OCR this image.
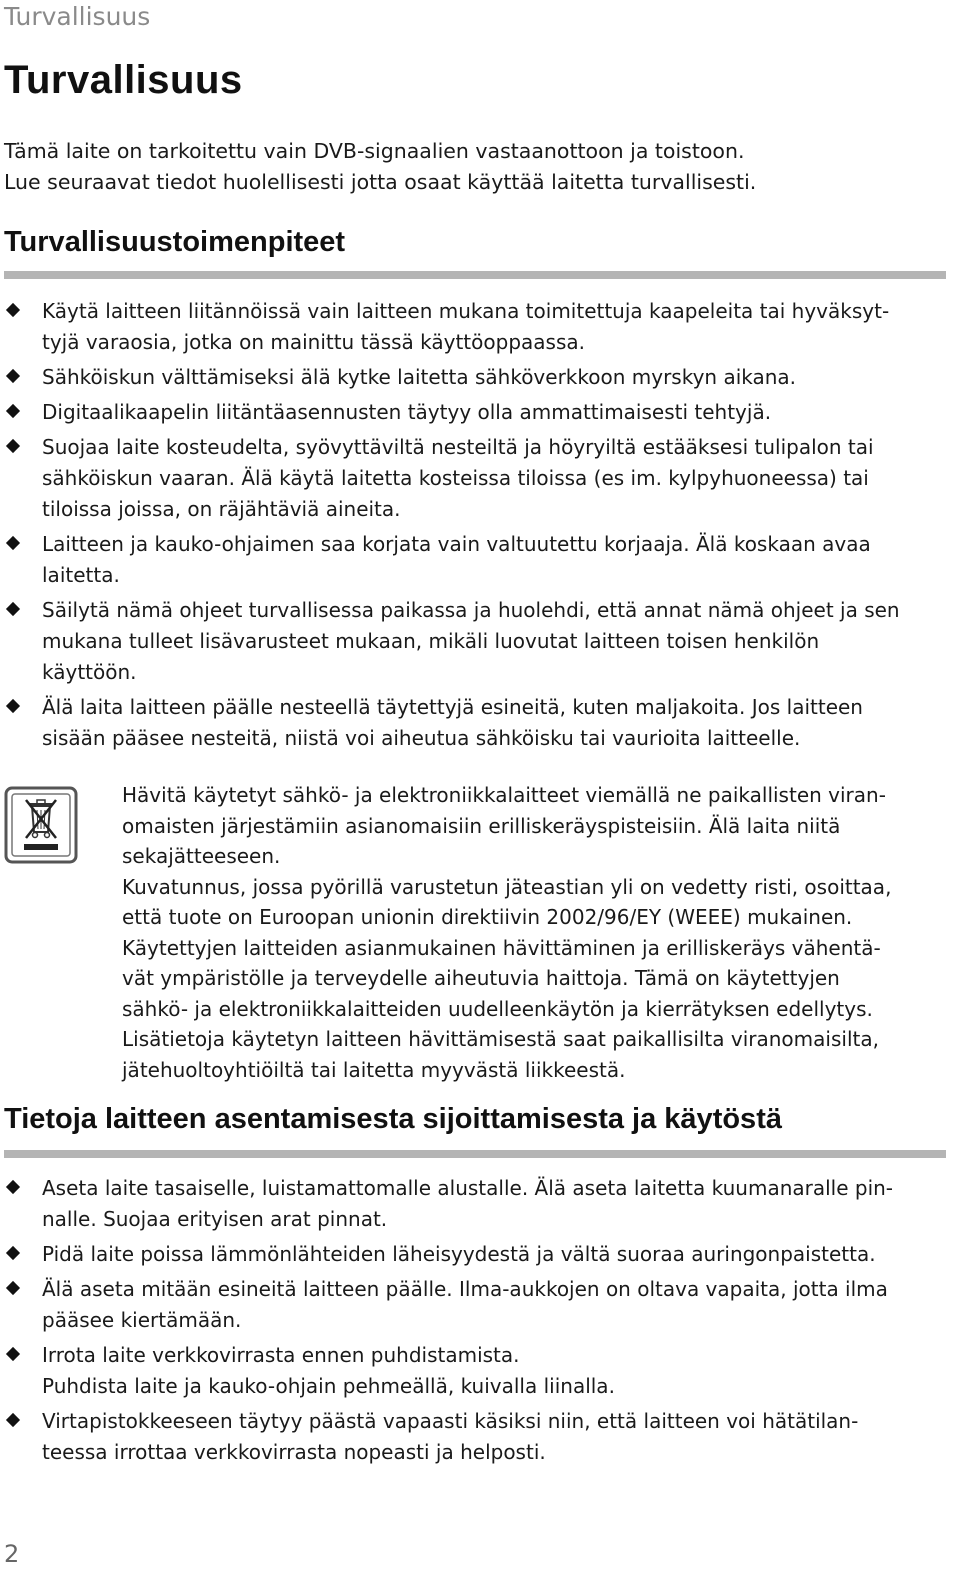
Turvallisuus
Turvallisuus

Tämä laite on tarkoitettu vain DVB-signaalien vastaanottoon ja toistoon.

Lue seuraavat tiedot huolellisesti jotta osaat käyttää laitetta turvallisesti.

Turvallisuustoimenpiteet
Käytä laitteen liitännöissä vain laitteen mukana toimitettuja kaapeleita tai hyväksyt-
tyjä varaosia, jotka on mainittu tässä käyttöoppaassa.
Sähköiskun välttämiseksi älä kytke laitetta sähköverkkoon myrskyn aikana.
Digitaalikaapelin liitäntäasennusten täytyy olla ammattimaisesti tehtyjä.
Suojaa laite kosteudelta, syövyttäviltä nesteiltä ja höyryiltä estääksesi tulipalon tai
sähköiskun vaaran. Älä käytä laitetta kosteissa tiloissa (es im. kylpyhuoneessa) tai
tiloissa joissa, on räjähtäviä aineita.
Laitteen ja kauko-ohjaimen saa korjata vain valtuutettu korjaaja. Älä koskaan avaa
laitetta.
Säilytä nämä ohjeet turvallisessa paikassa ja huolehdi, että annat nämä ohjeet ja sen
mukana tulleet lisävarusteet mukaan, mikäli luovutat laitteen toisen henkilön
käyttöön.
Älä laita laitteen päälle nesteellä täytettyjä esineitä, kuten maljakoita. Jos laitteen
sisään pääsee nesteitä, niistä voi aiheutua sähköisku tai vaurioita laitteelle.
Hävitä käytetyt sähkö- ja elektroniikkalaitteet viemällä ne paikallisten viran-
omaisten järjestämiin asianomaisiin erilliskeräyspisteisiin. Älä laita niitä
sekajätteeseen.
Kuvatunnus, jossa pyörillä varustetun jäteastian yli on vedetty risti, osoittaa,
että tuote on Euroopan unionin direktiivin 2002/96/EY (WEEE) mukainen.
Käytettyjen laitteiden asianmukainen hävittäminen ja erilliskeräys vähentä-
vät ympäristölle ja terveydelle aiheutuvia haittoja. Tämä on käytettyjen
sähkö- ja elektroniikkalaitteiden uudelleenkäytön ja kierrätyksen edellytys.
Lisätietoja käytetyn laitteen hävittämisestä saat paikallisilta viranomaisilta,
jätehuoltoyhtiöiltä tai laitetta myyvästä liikkeestä.
Tietoja laitteen asentamisesta sijoittamisesta ja käytöstä
Aseta laite tasaiselle, luistamattomalle alustalle. Älä aseta laitetta kuumanaralle pin-
nalle. Suojaa erityisen arat pinnat.
Pidä laite poissa lämmönlähteiden läheisyydestä ja vältä suoraa auringonpaistetta.
Älä aseta mitään esineitä laitteen päälle. Ilma-aukkojen on oltava vapaita, jotta ilma
pääsee kiertämään.
Irrota laite verkkovirrasta ennen puhdistamista.
Puhdista laite ja kauko-ohjain pehmeällä, kuivalla liinalla.
Virtapistokkeeseen täytyy päästä vapaasti käsiksi niin, että laitteen voi hätätilan-
teessa irrottaa verkkovirrasta nopeasti ja helposti.
2
